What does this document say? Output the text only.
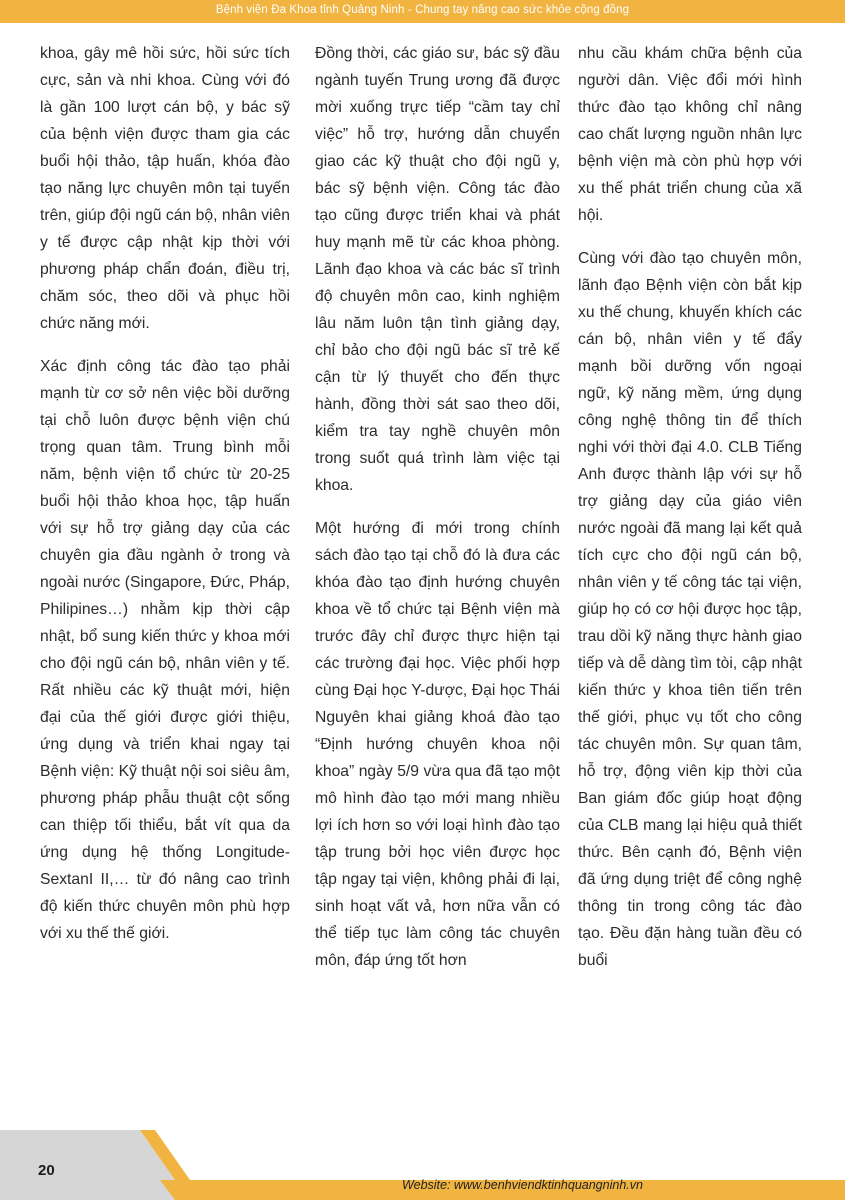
Bệnh viện Đa Khoa tỉnh Quảng Ninh - Chung tay nâng cao sức khỏe cộng đồng

khoa, gây mê hồi sức, hồi sức tích cực, sản và nhi khoa. Cùng với đó là gần 100 lượt cán bộ, y bác sỹ của bệnh viện được tham gia các buổi hội thảo, tập huấn, khóa đào tạo năng lực chuyên môn tại tuyến trên, giúp đội ngũ cán bộ, nhân viên y tế được cập nhật kịp thời với phương pháp chẩn đoán, điều trị, chăm sóc, theo dõi và phục hồi chức năng mới.

Xác định công tác đào tạo phải mạnh từ cơ sở nên việc bồi dưỡng tại chỗ luôn được bệnh viện chú trọng quan tâm. Trung bình mỗi năm, bệnh viện tổ chức từ 20-25 buổi hội thảo khoa học, tập huấn với sự hỗ trợ giảng dạy của các chuyên gia đầu ngành ở trong và ngoài nước (Singapore, Đức, Pháp, Philipines…) nhằm kịp thời cập nhật, bổ sung kiến thức y khoa mới cho đội ngũ cán bộ, nhân viên y tế. Rất nhiều các kỹ thuật mới, hiện đại của thế giới được giới thiệu, ứng dụng và triển khai ngay tại Bệnh viện: Kỹ thuật nội soi siêu âm, phương pháp phẫu thuật cột sống can thiệp tối thiểu, bắt vít qua da ứng dụng hệ thống Longitude-SextanI II,… từ đó nâng cao trình độ kiến thức chuyên môn phù hợp với xu thế thế giới.

Đồng thời, các giáo sư, bác sỹ đầu ngành tuyến Trung ương đã được mời xuống trực tiếp “cầm tay chỉ việc” hỗ trợ, hướng dẫn chuyển giao các kỹ thuật cho đội ngũ y, bác sỹ bệnh viện. Công tác đào tạo cũng được triển khai và phát huy mạnh mẽ từ các khoa phòng. Lãnh đạo khoa và các bác sĩ trình độ chuyên môn cao, kinh nghiệm lâu năm luôn tận tình giảng dạy, chỉ bảo cho đội ngũ bác sĩ trẻ kế cận từ lý thuyết cho đến thực hành, đồng thời sát sao theo dõi, kiểm tra tay nghề chuyên môn trong suốt quá trình làm việc tại khoa.

Một hướng đi mới trong chính sách đào tạo tại chỗ đó là đưa các khóa đào tạo định hướng chuyên khoa về tổ chức tại Bệnh viện mà trước đây chỉ được thực hiện tại các trường đại học. Việc phối hợp cùng Đại học Y-dược, Đại học Thái Nguyên khai giảng khoá đào tạo “Định hướng chuyên khoa nội khoa” ngày 5/9 vừa qua đã tạo một mô hình đào tạo mới mang nhiều lợi ích hơn so với loại hình đào tạo tập trung bởi học viên được học tập ngay tại viện, không phải đi lại, sinh hoạt vất vả, hơn nữa vẫn có thể tiếp tục làm công tác chuyên môn, đáp ứng tốt hơn

nhu cầu khám chữa bệnh của người dân. Việc đổi mới hình thức đào tạo không chỉ nâng cao chất lượng nguồn nhân lực bệnh viện mà còn phù hợp với xu thế phát triển chung của xã hội.

Cùng với đào tạo chuyên môn, lãnh đạo Bệnh viện còn bắt kịp xu thế chung, khuyến khích các cán bộ, nhân viên y tế đẩy mạnh bồi dưỡng vốn ngoại ngữ, kỹ năng mềm, ứng dụng công nghệ thông tin để thích nghi với thời đại 4.0. CLB Tiếng Anh được thành lập với sự hỗ trợ giảng dạy của giáo viên nước ngoài đã mang lại kết quả tích cực cho đội ngũ cán bộ, nhân viên y tế công tác tại viện, giúp họ có cơ hội được học tập, trau dồi kỹ năng thực hành giao tiếp và dễ dàng tìm tòi, cập nhật kiến thức y khoa tiên tiến trên thế giới, phục vụ tốt cho công tác chuyên môn. Sự quan tâm, hỗ trợ, động viên kịp thời của Ban giám đốc giúp hoạt động của CLB mang lại hiệu quả thiết thức. Bên cạnh đó, Bệnh viện đã ứng dụng triệt để công nghệ thông tin trong công tác đào tạo. Đều đặn hàng tuần đều có buổi

20
Website: www.benhviendktinhquangninh.vn
